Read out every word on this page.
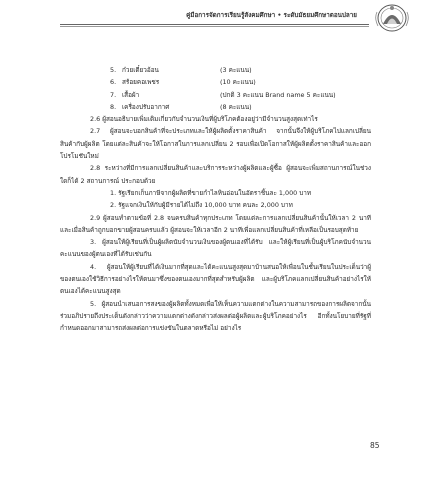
คู่มือการจัดการเรียนรู้สังคมศึกษา • ระดับมัธยมศึกษาตอนปลาย
5. ก๋วยเตี๋ยวอ้อน	(3 คะแนน)
6. สร้อยคอเพชร	(10 คะแนน)
7. เสื้อผ้า	(ปกติ 3 คะแนน Brand name 5 คะแนน)
8. เครื่องปรับอากาศ	(8 คะแนน)

2.6 ผู้สอนอธิบายเพิ่มเติมเกี่ยวกับจำนวนเงินที่ผู้บริโภคต้องอยู่ว่ามีจำนวนสูงสุดเท่าไร

2.7 ผู้สอนจะบอกสินค้าที่จะประเภทและให้ผู้ผลิตตั้งราคาสินค้า จากนั้นจึงให้ผู้บริโภคไปแลกเปลี่ยนสินค้ากับผู้ผลิต โดยแต่ละสินค้าจะให้โอกาสในการแลกเปลี่ยน 2 รอบเพื่อเปิดโอกาสให้ผู้ผลิตตั้งราคาสินค้าและออกโปรโมชันใหม่

2.8 ระหว่างที่มีการแลกเปลี่ยนสินค้าและบริการระหว่างผู้ผลิตและผู้ซื้อ ผู้สอนจะเพิ่มสถานการณ์ในช่วงใดก็ได้ 2 สถานการณ์ ประกอบด้วย

1. รัฐเรียกเก็บภาษีจากผู้ผลิตที่ขายกำไลหินอ่อนในอัตราชิ้นละ 1,000 บาท
2. รัฐแจกเงินให้กับผู้มีรายได้ไม่ถึง 10,000 บาท คนละ 2,000 บาท

2.9 ผู้สอนทำตามข้อที่ 2.8 จนครบสินค้าทุกประเภท โดยแต่ละการแลกเปลี่ยนสินค้านั้นให้เวลา 2 นาที และเมื่อสินค้าถูกบอกขายผู้สอนครบแล้ว ผู้สอนจะให้เวลาอีก 2 นาทีเพื่อแลกเปลี่ยนสินค้าที่เหลือเป็นรอบสุดท้าย

3. ผู้สอนให้ผู้เรียนที่เป็นผู้ผลิตนับจำนวนเงินของผู้ตนเองที่ได้รับ และให้ผู้เรียนที่เป็นผู้บริโภคนับจำนวนคะแนนของผู้ตนเองที่ได้รับเช่นกัน

4. ผู้สอนให้ผู้เรียนที่ได้เงินมากที่สุดและได้คะแนนสูงสุดมาบ้านสนอให้เพื่อนในชั้นเรียนในประเด็นว่าผู้ของตนเองใช้วิธีการอย่างไรให้ตนมาซึ่งของตนเองมากที่สุดสำหรับผู้ผลิต และผู้บริโภคแลกเปลี่ยนสินค้าอย่างไรให้ตนเองได้คะแนนสูงสุด

5. ผู้สอนนำเสนอการสงของผู้ผลิตทั้งหมดเพื่อให้เห็นความแตกต่างในความสามารถของการผลิตจากนั้นร่วมอภิปรายถึงประเด็นดังกล่าวว่าความแตกต่างดังกล่าวส่งผลต่อผู้ผลิตและผู้บริโภคอย่างไร อีกทั้งนโยบายที่รัฐที่กำหนดออกมาสามารถส่งผลต่อการแข่งขันในตลาดหรือไม่ อย่างไร

85
